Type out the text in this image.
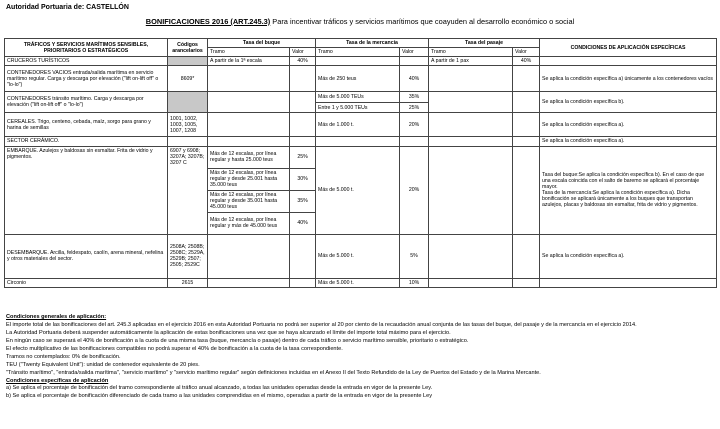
Autoridad Portuaria de: CASTELLÓN
BONIFICACIONES 2016 (ART.245.3) Para incentivar tráficos y servicios marítimos que coayuden al desarrollo económico o social
TRÁFICOS Y SERVICIOS MARÍTIMOS SENSIBLES, PRIORITARIOS O ESTRATÉGICOS	Códigos arancelarios	Tasa del buque		Tasa de la mercancía		Tasa del pasaje		CONDICIONES DE APLICACIÓN ESPECÍFICAS
		Tramo	Valor	Tramo	Valor	Tramo	Valor	
CRUCEROS TURÍSTICOS		A partir de la 1ª escala	40%			A partir de 1 pax	40%	
CONTENEDORES VACIOS entrada/salida marítima en servicio marítimo regular. Carga y descarga por elevación ("lift on-lift off" o "lo-lo")	8609*			Más de 250 teus	40%			Se aplica la condición específica a) únicamente a los contenedores vacíos
CONTENEDORES tránsito marítimo. Carga y descarga por elevación ("lift on-lift off" o "lo-lo")				Más de 5.000 TEUs	35%			Se aplica la condición específica b).
				Entre 1 y 5.000 TEUs	25%			
CEREALES. Trigo, centeno, cebada, maíz, sorgo para grano y harina de semillas	1001, 1002, 1003, 1005, 1007, 1208			Más de 1.000 t.	20%			Se aplica la condición específica a).
SECTOR CERÁMICO.								Se aplica la condición específica a).
EMBARQUE. Azulejos y baldosas sin esmaltar. Frita de vidrio y pigmentos.	6907 y 6908; 3207A; 3207B; 3207 C	Más de 12 escalas, por línea regular y hasta 25.000 teus	25%	Más de 5.000 t.	20%			Tasa del buque:Se aplica la condición específica b). En el caso de que una escala coincida con el salto de baremo se aplicará el porcentaje mayor.
Tasa de la mercancía:Se aplica la condición específica a). Dicha bonificación se aplicará únicamente a los buques que transportan azulejos, placas y baldosas sin esmaltar, frita de vidrio y pigmentos.
		Más de 12 escalas, por línea regular y desde 25.001 hasta 35.000 teus	30%					
		Más de 12 escalas, por línea regular y desde 35.001 hasta 45.000 teus	35%					
		Más de 12 escalas, por línea regular y más de 45.000 teus	40%					
DESEMBARQUE. Arcilla, feldespato, caolín, arena mineral, nefelina y otros materiales del sector.	2508A; 2508B; 2508C; 2529A, 2529B; 2507; 2505; 2529C			Más de 5.000 t.	5%			Se aplica la condición específica a).
Circonio	2615			Más de 5.000 t.	10%			
Condiciones generales de aplicación:
El importe total de las bonificaciones del art. 245.3 aplicadas en el ejercicio 2016 en esta Autoridad Portuaria no podrá ser superior al 20 por ciento de la recaudación anual conjunta de las tasas del buque, del pasaje y de la mercancía en el ejercicio 2014.
La Autoridad Portuaria deberá suspender automáticamente la aplicación de estas bonificaciones una vez que se haya alcanzado el límite del importe total máximo para el ejercicio.
En ningún caso se superará el 40% de bonificación a la cuota de una misma tasa (buque, mercancía o pasaje) dentro de cada tráfico o servicio marítimo sensible, prioritario o estratégico.
El efecto multiplicativo de las bonificaciones compatibles no podrá superar el 40% de bonificación a la cuota de la tasa correspondiente.
Tramos no contemplados: 0% de bonificación.
TEU ("Twenty Equivalent Unit"): unidad de contenedor equivalente de 20 pies.
"Tránsito marítimo", "entrada/salida marítima", "servicio marítimo" y "servicio marítimo regular" según definiciones incluidas en el Anexo II del Texto Refundido de la Ley de Puertos del Estado y de la Marina Mercante.
Condiciones específicas de aplicación
a) Se aplica el porcentaje de bonificación del tramo correspondiente al tráfico anual alcanzado, a todas las unidades operadas desde la entrada en vigor de la presente Ley.
b) Se aplica el porcentaje de bonificación diferenciado de cada tramo a las unidades comprendidas en el mismo, operadas a partir de la entrada en vigor de la presente Ley
